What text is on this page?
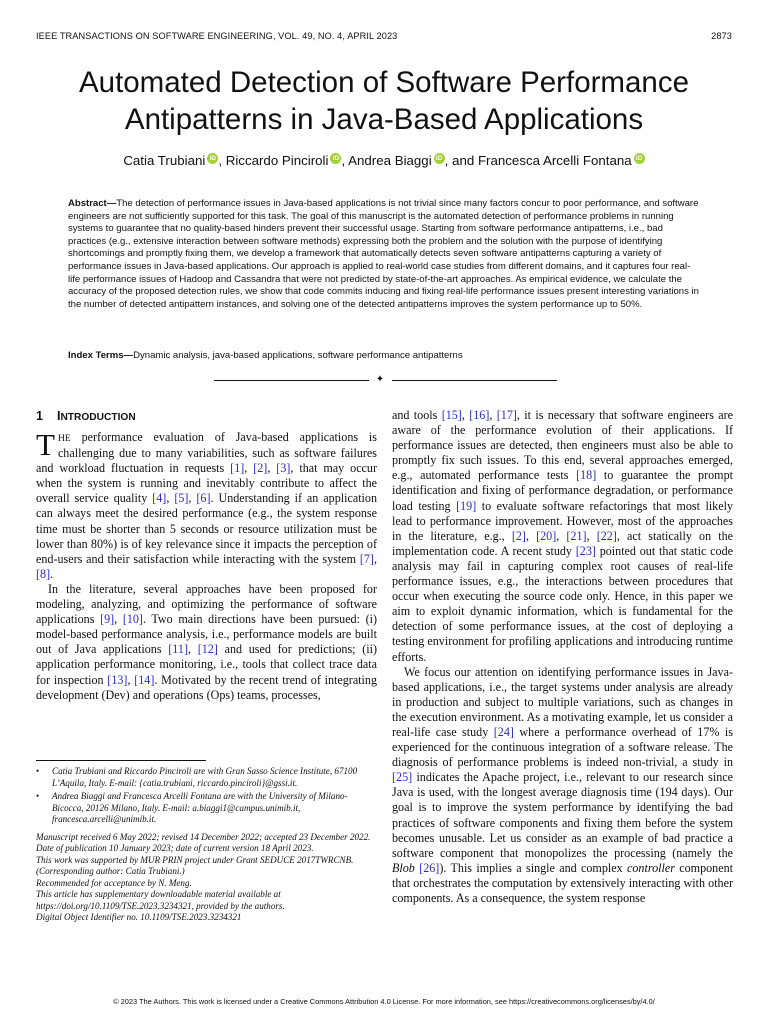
IEEE TRANSACTIONS ON SOFTWARE ENGINEERING, VOL. 49, NO. 4, APRIL 2023	2873
Automated Detection of Software Performance
Antipatterns in Java-Based Applications
Catia Trubiani iD , Riccardo Pinciroli iD , Andrea Biaggi iD , and Francesca Arcelli Fontana iD
Abstract—The detection of performance issues in Java-based applications is not trivial since many factors concur to poor performance, and software engineers are not sufficiently supported for this task. The goal of this manuscript is the automated detection of performance problems in running systems to guarantee that no quality-based hinders prevent their successful usage. Starting from software performance antipatterns, i.e., bad practices (e.g., extensive interaction between software methods) expressing both the problem and the solution with the purpose of identifying shortcomings and promptly fixing them, we develop a framework that automatically detects seven software antipatterns capturing a variety of performance issues in Java-based applications. Our approach is applied to real-world case studies from different domains, and it captures four real-life performance issues of Hadoop and Cassandra that were not predicted by state-of-the-art approaches. As empirical evidence, we calculate the accuracy of the proposed detection rules, we show that code commits inducing and fixing real-life performance issues present interesting variations in the number of detected antipattern instances, and solving one of the detected antipatterns improves the system performance up to 50%.
Index Terms—Dynamic analysis, java-based applications, software performance antipatterns
✦
1 INTRODUCTION

THE performance evaluation of Java-based applications is challenging due to many variabilities, such as software failures and workload fluctuation in requests [1], [2], [3], that may occur when the system is running and inevitably contribute to affect the overall service quality [4], [5], [6]. Understanding if an application can always meet the desired performance (e.g., the system response time must be shorter than 5 seconds or resource utilization must be lower than 80%) is of key relevance since it impacts the perception of end-users and their satisfaction while interacting with the system [7], [8].

In the literature, several approaches have been proposed for modeling, analyzing, and optimizing the performance of software applications [9], [10]. Two main directions have been pursued: (i) model-based performance analysis, i.e., performance models are built out of Java applications [11], [12] and used for predictions; (ii) application performance monitoring, i.e., tools that collect trace data for inspection [13], [14]. Motivated by the recent trend of integrating development (Dev) and operations (Ops) teams, processes,

• Catia Trubiani and Riccardo Pinciroli are with Gran Sasso Science Institute, 67100 L’Aquila, Italy. E-mail: {catia.trubiani, riccardo.pinciroli}@gssi.it.
• Andrea Biaggi and Francesca Arcelli Fontana are with the University of Milano-Bicocca, 20126 Milano, Italy. E-mail: a.biaggi1@campus.unimib.it, francesca.arcelli@unimib.it.
Manuscript received 6 May 2022; revised 14 December 2022; accepted 23 December 2022. Date of publication 10 January 2023; date of current version 18 April 2023.
This work was supported by MUR PRIN project under Grant SEDUCE 2017TWRCNB.
(Corresponding author: Catia Trubiani.)
Recommended for acceptance by N. Meng.
This article has supplementary downloadable material available at https://doi.org/10.1109/TSE.2023.3234321, provided by the authors.
Digital Object Identifier no. 10.1109/TSE.2023.3234321

and tools [15], [16], [17], it is necessary that software engineers are aware of the performance evolution of their applications. If performance issues are detected, then engineers must also be able to promptly fix such issues. To this end, several approaches emerged, e.g., automated performance tests [18] to guarantee the prompt identification and fixing of performance degradation, or performance load testing [19] to evaluate software refactorings that most likely lead to performance improvement. However, most of the approaches in the literature, e.g., [2], [20], [21], [22], act statically on the implementation code. A recent study [23] pointed out that static code analysis may fail in capturing complex root causes of real-life performance issues, e.g., the interactions between procedures that occur when executing the source code only. Hence, in this paper we aim to exploit dynamic information, which is fundamental for the detection of some performance issues, at the cost of deploying a testing environment for profiling applications and introducing runtime efforts.

We focus our attention on identifying performance issues in Java-based applications, i.e., the target systems under analysis are already in production and subject to multiple variations, such as changes in the execution environment. As a motivating example, let us consider a real-life case study [24] where a performance overhead of 17% is experienced for the continuous integration of a software release. The diagnosis of performance problems is indeed non-trivial, a study in [25] indicates the Apache project, i.e., relevant to our research since Java is used, with the longest average diagnosis time (194 days). Our goal is to improve the system performance by identifying the bad practices of software components and fixing them before the system becomes unusable. Let us consider as an example of bad practice a software component that monopolizes the processing (namely the Blob [26]). This implies a single and complex controller component that orchestrates the computation by extensively interacting with other components. As a consequence, the system response

© 2023 The Authors. This work is licensed under a Creative Commons Attribution 4.0 License. For more information, see https://creativecommons.org/licenses/by/4.0/
